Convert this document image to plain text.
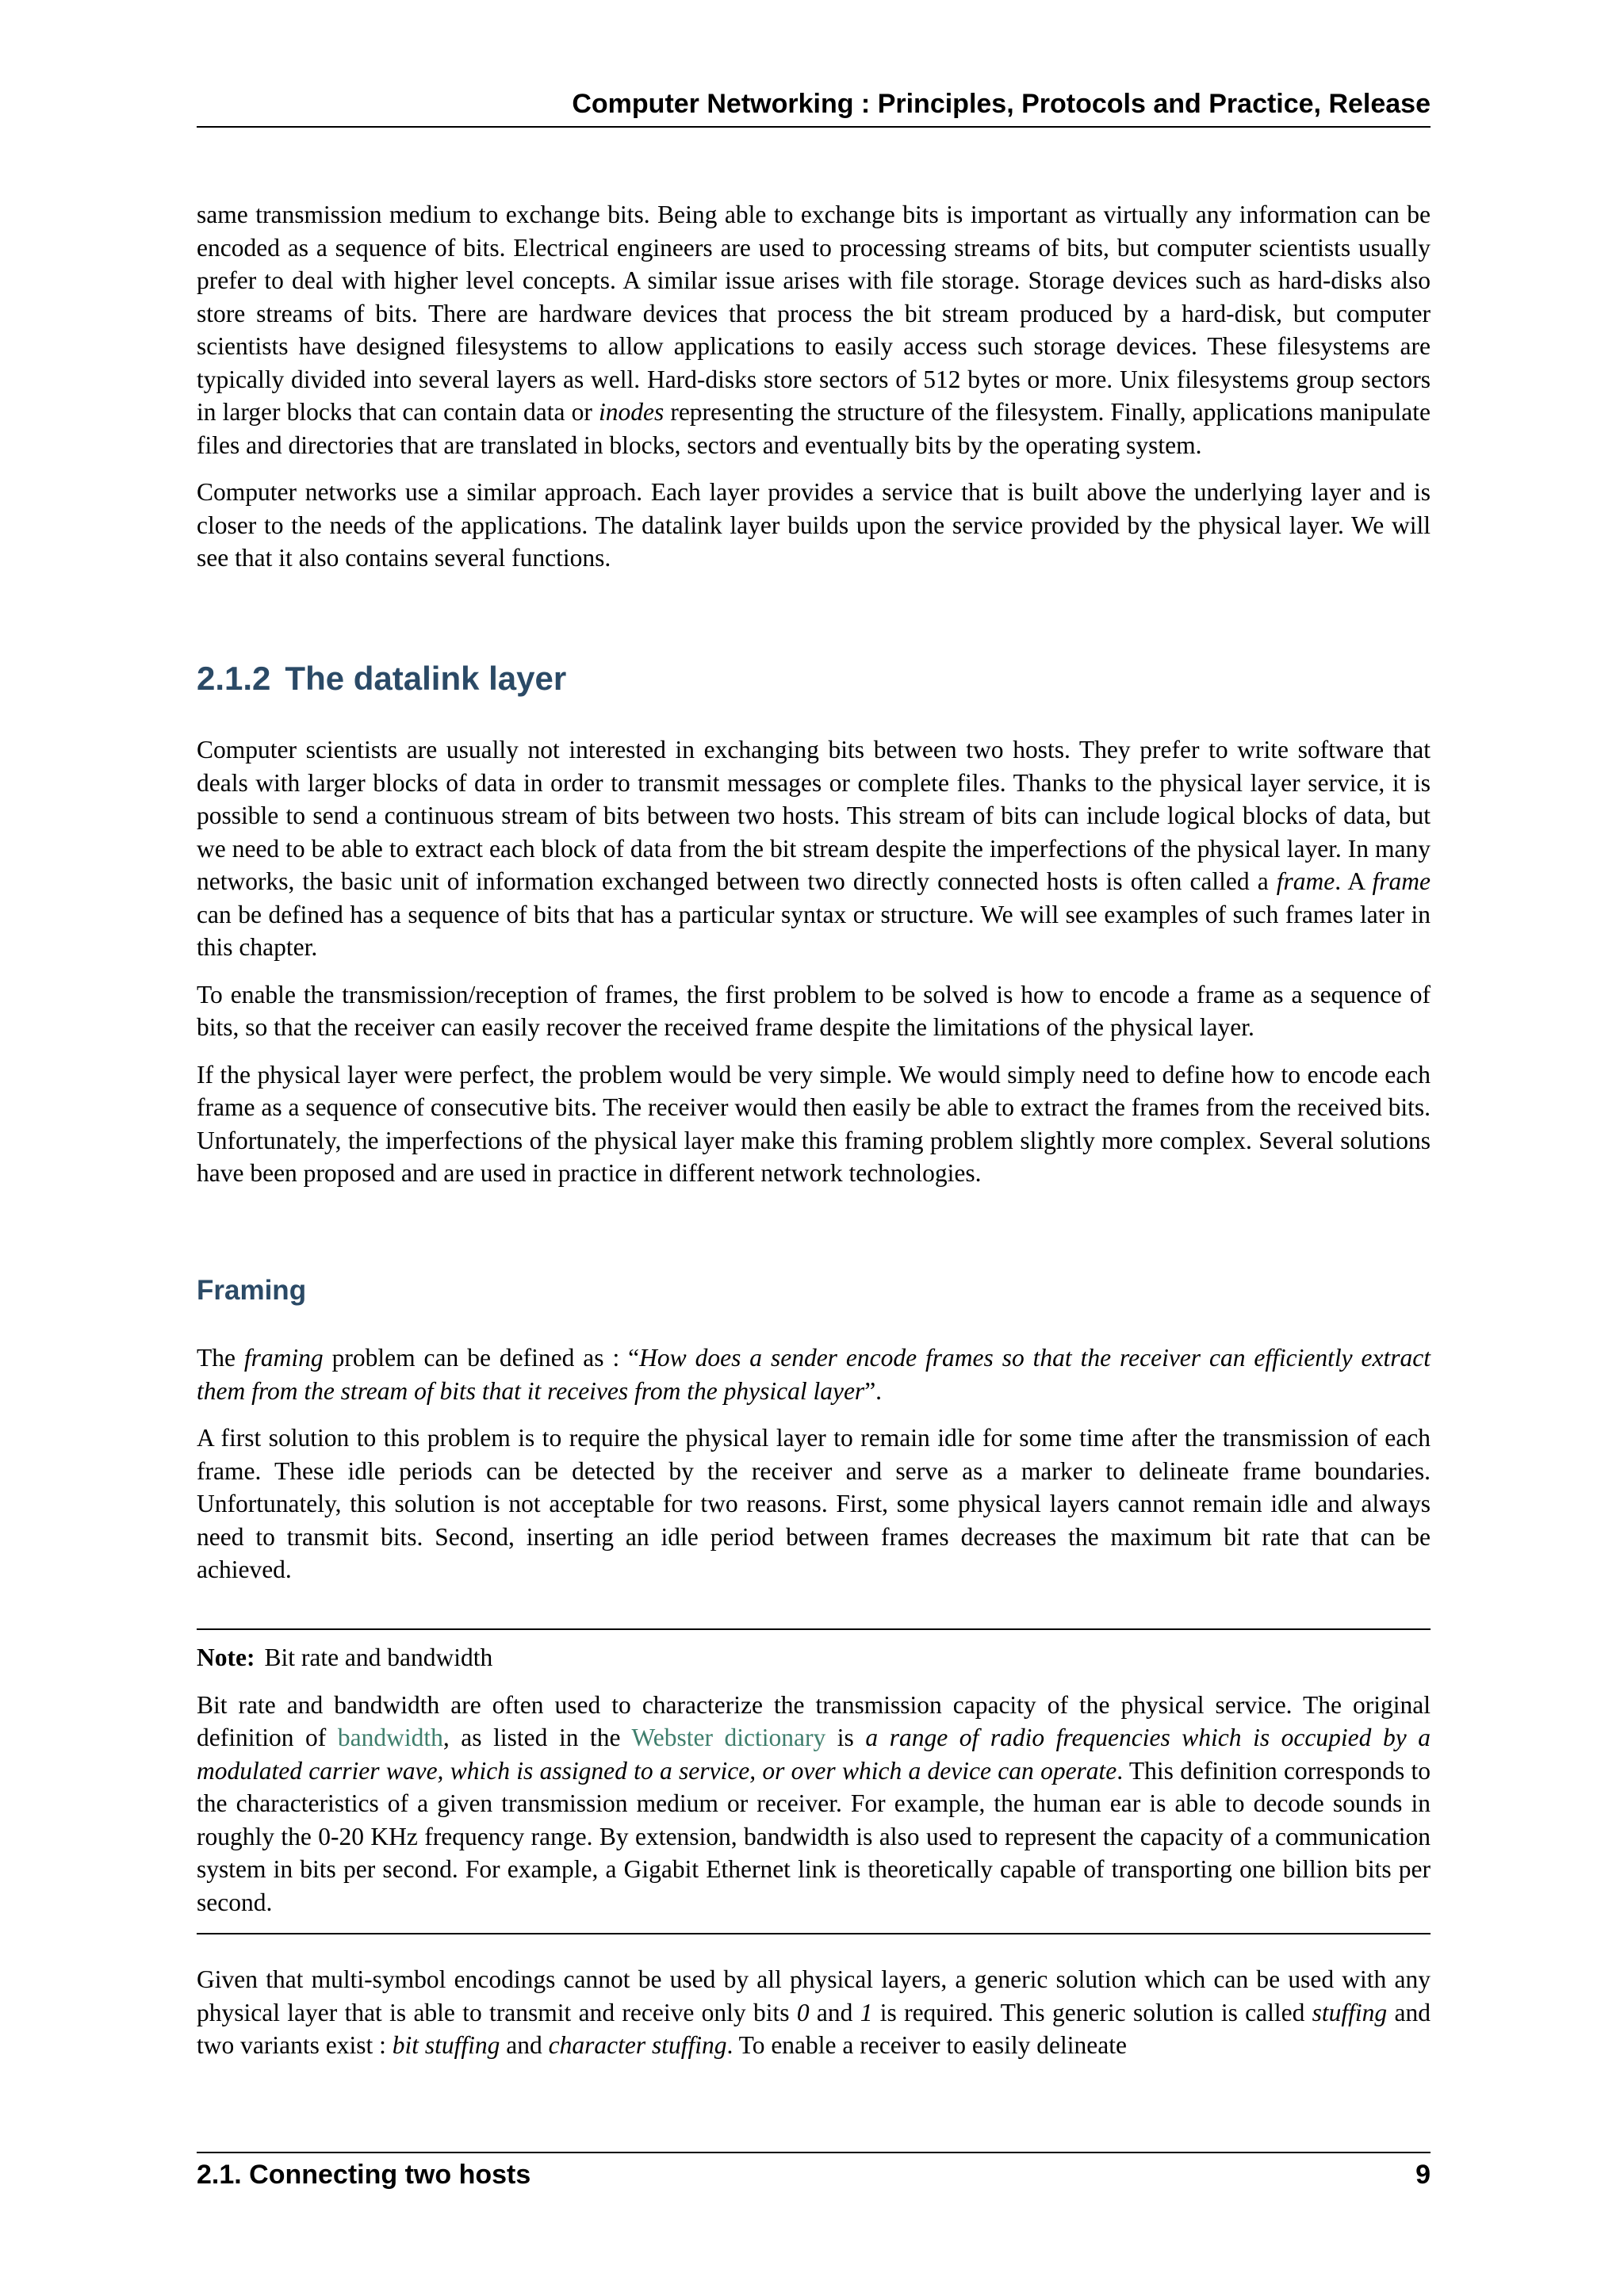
Computer Networking : Principles, Protocols and Practice, Release

same transmission medium to exchange bits. Being able to exchange bits is important as virtually any information can be encoded as a sequence of bits. Electrical engineers are used to processing streams of bits, but computer scientists usually prefer to deal with higher level concepts. A similar issue arises with file storage. Storage devices such as hard-disks also store streams of bits. There are hardware devices that process the bit stream produced by a hard-disk, but computer scientists have designed filesystems to allow applications to easily access such storage devices. These filesystems are typically divided into several layers as well. Hard-disks store sectors of 512 bytes or more. Unix filesystems group sectors in larger blocks that can contain data or inodes representing the structure of the filesystem. Finally, applications manipulate files and directories that are translated in blocks, sectors and eventually bits by the operating system.

Computer networks use a similar approach. Each layer provides a service that is built above the underlying layer and is closer to the needs of the applications. The datalink layer builds upon the service provided by the physical layer. We will see that it also contains several functions.

2.1.2 The datalink layer

Computer scientists are usually not interested in exchanging bits between two hosts. They prefer to write software that deals with larger blocks of data in order to transmit messages or complete files. Thanks to the physical layer service, it is possible to send a continuous stream of bits between two hosts. This stream of bits can include logical blocks of data, but we need to be able to extract each block of data from the bit stream despite the imperfections of the physical layer. In many networks, the basic unit of information exchanged between two directly connected hosts is often called a frame. A frame can be defined has a sequence of bits that has a particular syntax or structure. We will see examples of such frames later in this chapter.

To enable the transmission/reception of frames, the first problem to be solved is how to encode a frame as a sequence of bits, so that the receiver can easily recover the received frame despite the limitations of the physical layer.

If the physical layer were perfect, the problem would be very simple. We would simply need to define how to encode each frame as a sequence of consecutive bits. The receiver would then easily be able to extract the frames from the received bits. Unfortunately, the imperfections of the physical layer make this framing problem slightly more complex. Several solutions have been proposed and are used in practice in different network technologies.

Framing

The framing problem can be defined as : “How does a sender encode frames so that the receiver can efficiently extract them from the stream of bits that it receives from the physical layer”.

A first solution to this problem is to require the physical layer to remain idle for some time after the transmission of each frame. These idle periods can be detected by the receiver and serve as a marker to delineate frame boundaries. Unfortunately, this solution is not acceptable for two reasons. First, some physical layers cannot remain idle and always need to transmit bits. Second, inserting an idle period between frames decreases the maximum bit rate that can be achieved.

Note: Bit rate and bandwidth

Bit rate and bandwidth are often used to characterize the transmission capacity of the physical service. The original definition of bandwidth, as listed in the Webster dictionary is a range of radio frequencies which is occupied by a modulated carrier wave, which is assigned to a service, or over which a device can operate. This definition corresponds to the characteristics of a given transmission medium or receiver. For example, the human ear is able to decode sounds in roughly the 0-20 KHz frequency range. By extension, bandwidth is also used to represent the capacity of a communication system in bits per second. For example, a Gigabit Ethernet link is theoretically capable of transporting one billion bits per second.

Given that multi-symbol encodings cannot be used by all physical layers, a generic solution which can be used with any physical layer that is able to transmit and receive only bits 0 and 1 is required. This generic solution is called stuffing and two variants exist : bit stuffing and character stuffing. To enable a receiver to easily delineate

2.1. Connecting two hosts	9
